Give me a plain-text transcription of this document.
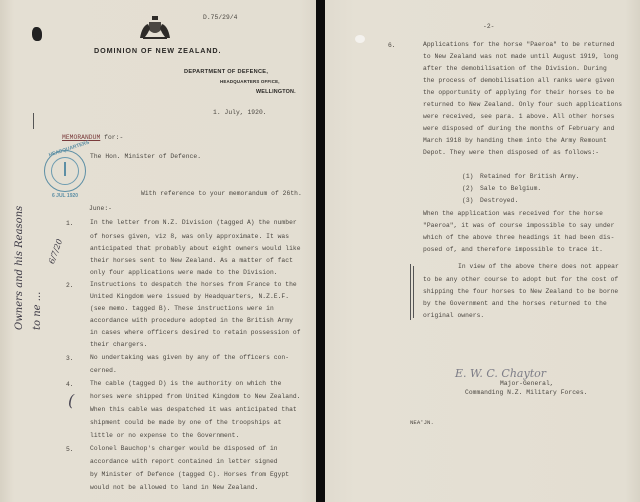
D.75/29/4
DOMINION OF NEW ZEALAND.
DEPARTMENT OF DEFENCE,
HEADQUARTERS OFFICE,
WELLINGTON.
1. July, 1920.
MEMORANDUM for:-
The Hon. Minister of Defence.
HEADQUARTERS
6 JUL 1920	With reference to your memorandum of 26th.
June:-
Owners and his Reasons to ne ...
6/7/20
1.	In the letter from N.Z. Division (tagged A) the number
of horses given, viz 8, was only approximate. It was
anticipated that probably about eight owners would like
their horses sent to New Zealand. As a matter of fact
only four applications were made to the Division.
2.	Instructions to despatch the horses from France to the
United Kingdom were issued by Headquarters, N.Z.E.F.
(see memo. tagged B). These instructions were in
accordance with procedure adopted in the British Army
in cases where officers desired to retain possession of
their chargers.
3.	No undertaking was given by any of the officers con-
cerned.
4.	The cable (tagged D) is the authority on which the
horses were shipped from United Kingdom to New Zealand.
When this cable was despatched it was anticipated that
shipment could be made by one of the troopships at
little or no expense to the Government.
(
5.	Colonel Bauchop's charger would be disposed of in
accordance with report contained in letter signed
by Minister of Defence (tagged C). Horses from Egypt
would not be allowed to land in New Zealand.
-2-
6.	Applications for the horse "Paeroa" to be returned
to New Zealand was not made until August 1919, long
after the demobilisation of the Division. During
the process of demobilisation all ranks were given
the opportunity of applying for their horses to be
returned to New Zealand. Only four such applications
were received, see para. 1 above. All other horses
were disposed of during the months of February and
March 1918 by handing them into the Army Remount
Depot. They were then disposed of as follows:-
(1) Retained for British Army.
(2) Sale to Belgium.
(3) Destroyed.
When the application was received for the horse
"Paeroa", it was of course impossible to say under
which of the above three headings it had been dis-
posed of, and therefore impossible to trace it.
In view of the above there does not appear
to be any other course to adopt but for the cost of
shipping the four horses to New Zealand to be borne
by the Government and the horses returned to the
original owners.
E. W. C. Chaytor
Major-General,
Commanding N.Z. Military Forces.
NEA'JN.
